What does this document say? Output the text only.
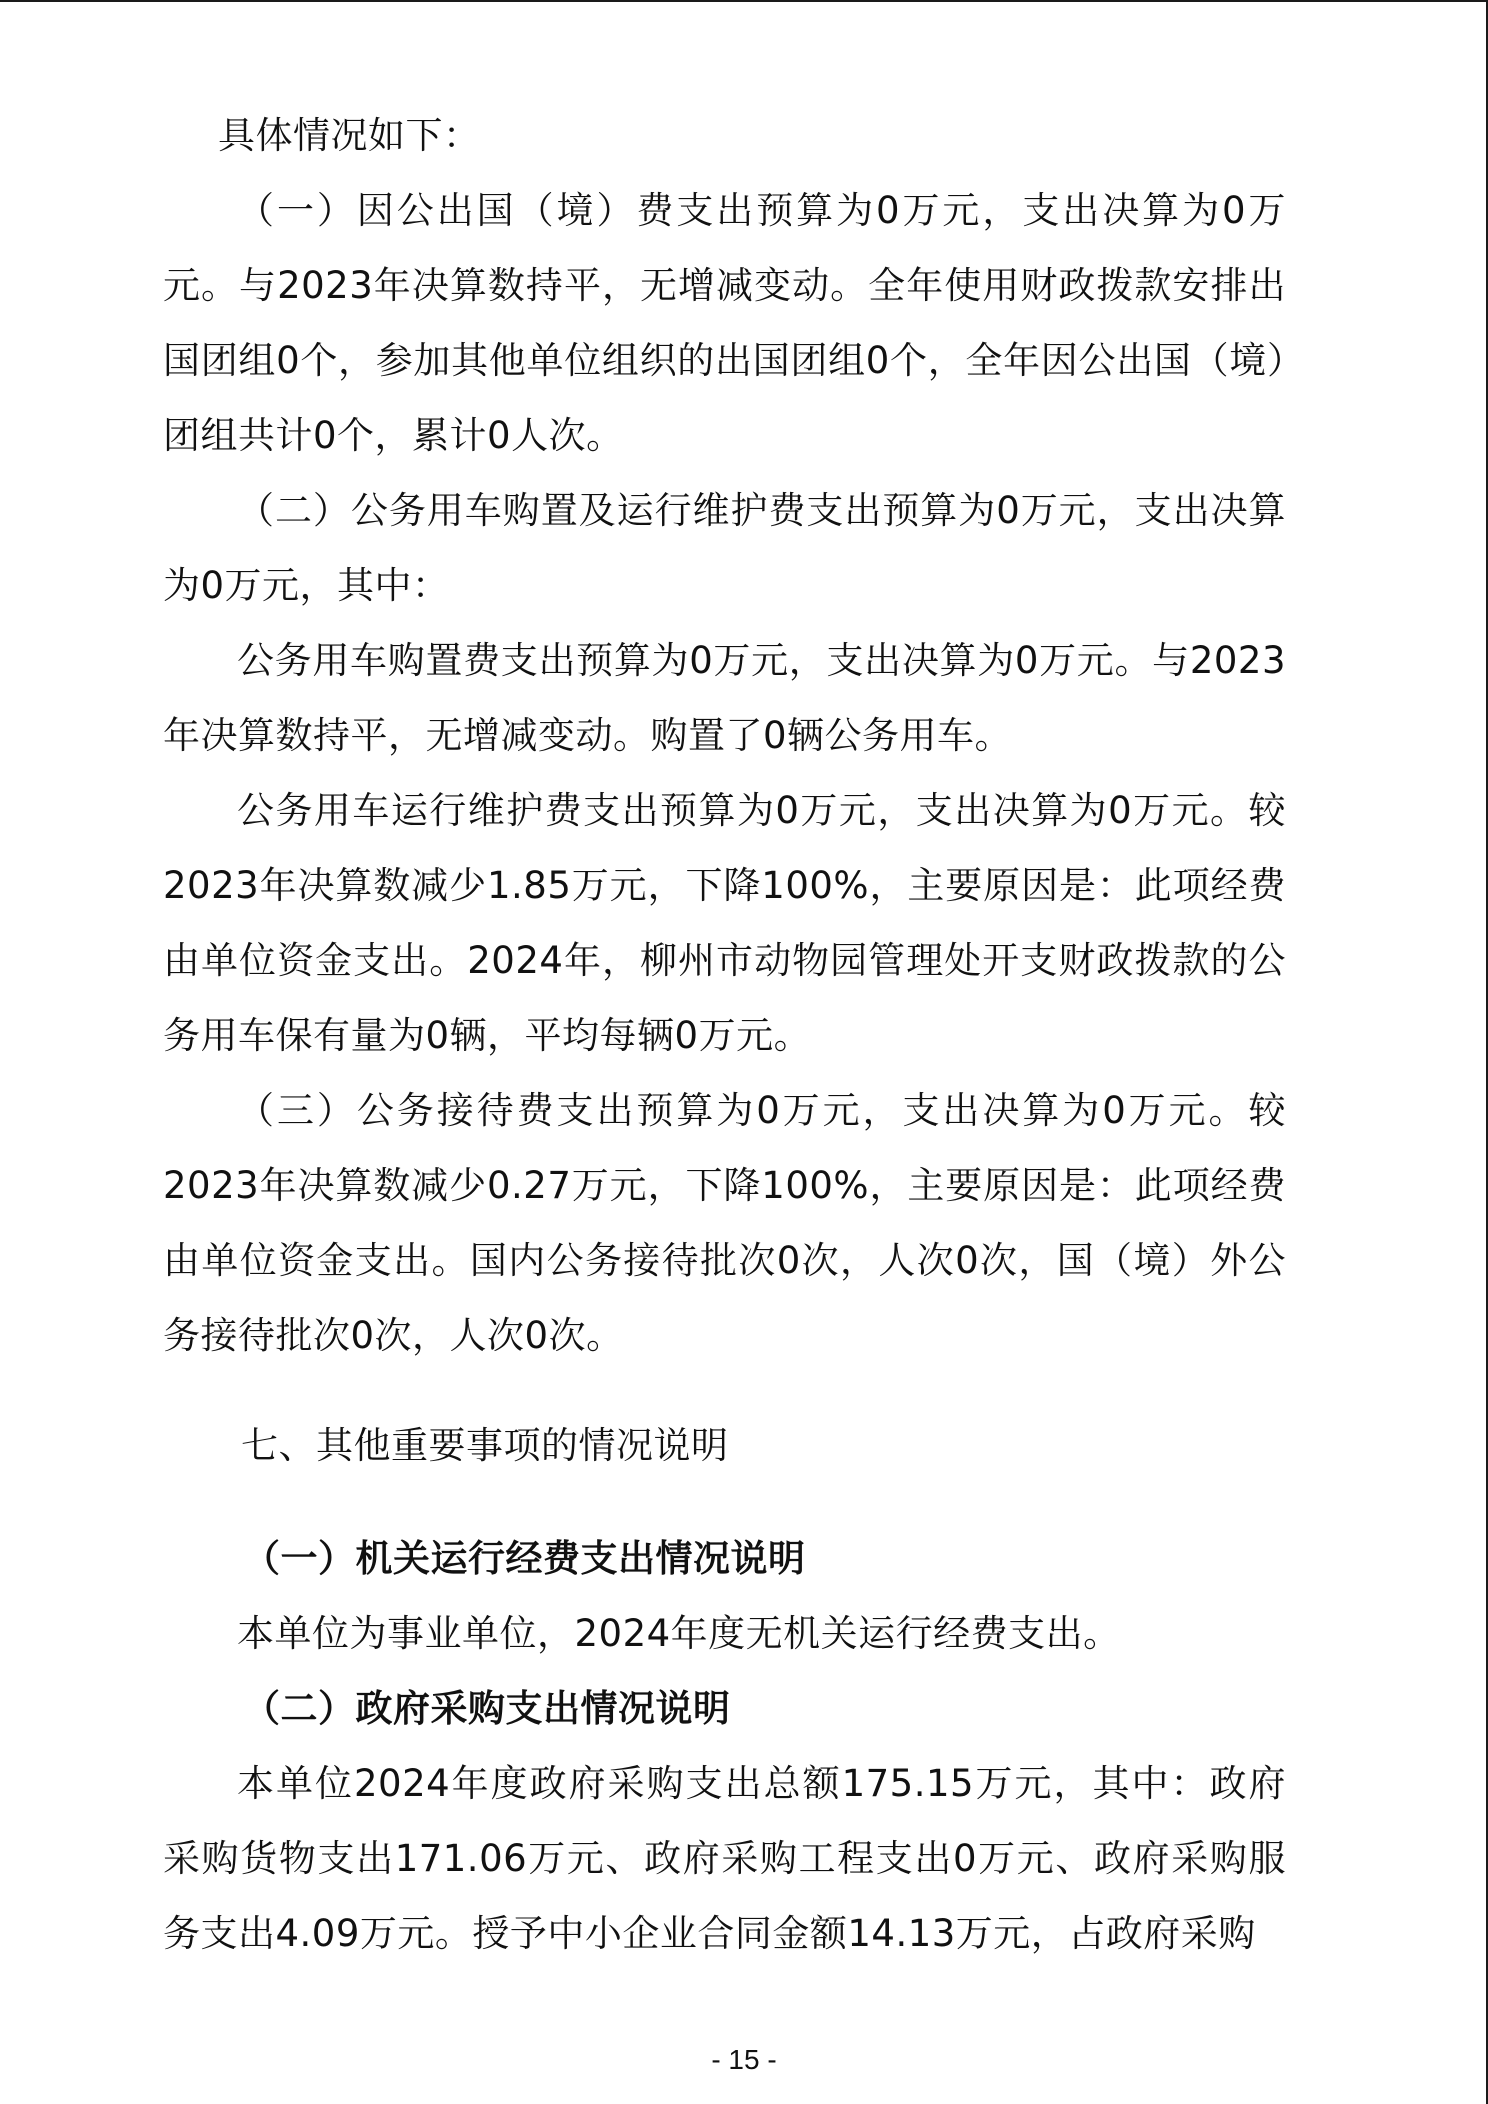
具体情况如下：

（一）因公出国（境）费支出预算为0万元，支出决算为0万元。与2023年决算数持平，无增减变动。全年使用财政拨款安排出国团组0个，参加其他单位组织的出国团组0个，全年因公出国（境）团组共计0个，累计0人次。

（二）公务用车购置及运行维护费支出预算为0万元，支出决算为0万元，其中：

公务用车购置费支出预算为0万元，支出决算为0万元。与2023年决算数持平，无增减变动。购置了0辆公务用车。

公务用车运行维护费支出预算为0万元，支出决算为0万元。较2023年决算数减少1.85万元，下降100%，主要原因是：此项经费由单位资金支出。2024年，柳州市动物园管理处开支财政拨款的公务用车保有量为0辆，平均每辆0万元。

（三）公务接待费支出预算为0万元，支出决算为0万元。较2023年决算数减少0.27万元，下降100%，主要原因是：此项经费由单位资金支出。国内公务接待批次0次，人次0次，国（境）外公务接待批次0次，人次0次。

七、其他重要事项的情况说明

（一）机关运行经费支出情况说明

本单位为事业单位，2024年度无机关运行经费支出。

（二）政府采购支出情况说明

本单位2024年度政府采购支出总额175.15万元，其中：政府采购货物支出171.06万元、政府采购工程支出0万元、政府采购服务支出4.09万元。授予中小企业合同金额14.13万元，占政府采购

- 15 -
